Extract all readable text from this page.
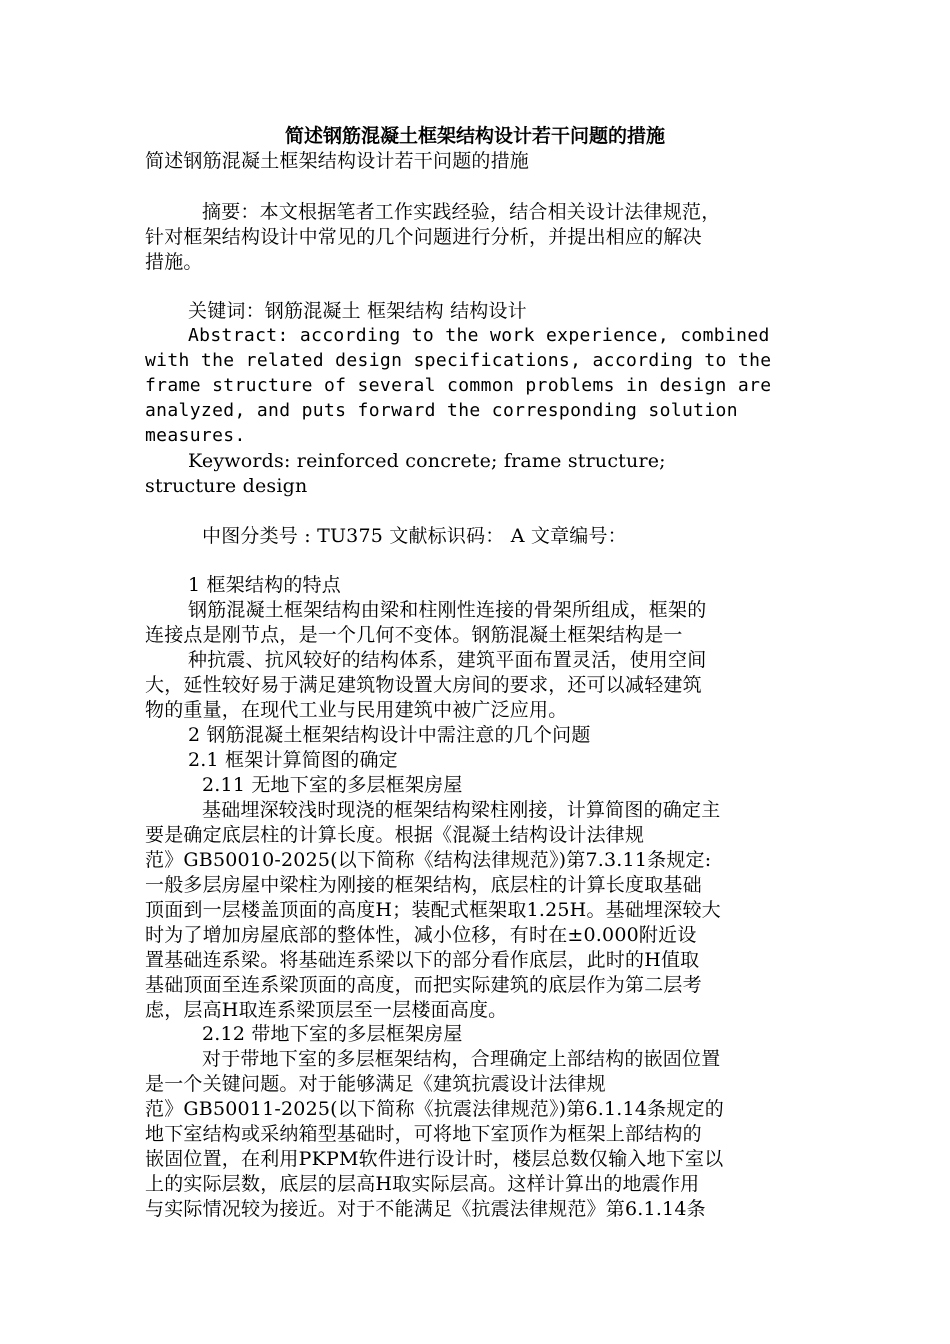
简述钢筋混凝土框架结构设计若干问题的措施
简述钢筋混凝土框架结构设计若干问题的措施
摘要：本文根据笔者工作实践经验，结合相关设计法律规范，
针对框架结构设计中常见的几个问题进行分析，并提出相应的解决
措施。
关键词：钢筋混凝土 框架结构 结构设计
Abstract: according to the work experience, combined
with the related design specifications, according to the
frame structure of several common problems in design are
analyzed, and puts forward the corresponding solution
measures.
Keywords: reinforced concrete; frame structure;
structure design
中图分类号 : TU375 文献标识码： A 文章编号：
1 框架结构的特点
钢筋混凝土框架结构由梁和柱刚性连接的骨架所组成，框架的
连接点是刚节点，是一个几何不变体。钢筋混凝土框架结构是一
种抗震、抗风较好的结构体系，建筑平面布置灵活，使用空间
大，延性较好易于满足建筑物设置大房间的要求，还可以减轻建筑
物的重量，在现代工业与民用建筑中被广泛应用。
2 钢筋混凝土框架结构设计中需注意的几个问题
2.1 框架计算简图的确定
2.11 无地下室的多层框架房屋
基础埋深较浅时现浇的框架结构梁柱刚接，计算简图的确定主
要是确定底层柱的计算长度。根据《混凝土结构设计法律规
范》GB50010-2025(以下简称《结构法律规范》)第7.3.11条规定:
一般多层房屋中梁柱为刚接的框架结构，底层柱的计算长度取基础
顶面到一层楼盖顶面的高度H；装配式框架取1.25H。基础埋深较大
时为了增加房屋底部的整体性，减小位移，有时在±0.000附近设
置基础连系梁。将基础连系梁以下的部分看作底层，此时的H值取
基础顶面至连系梁顶面的高度，而把实际建筑的底层作为第二层考
虑，层高H取连系梁顶层至一层楼面高度。
2.12 带地下室的多层框架房屋
对于带地下室的多层框架结构，合理确定上部结构的嵌固位置
是一个关键问题。对于能够满足《建筑抗震设计法律规
范》GB50011-2025(以下简称《抗震法律规范》)第6.1.14条规定的
地下室结构或采纳箱型基础时，可将地下室顶作为框架上部结构的
嵌固位置，在利用PKPM软件进行设计时，楼层总数仅输入地下室以
上的实际层数，底层的层高H取实际层高。这样计算出的地震作用
与实际情况较为接近。对于不能满足《抗震法律规范》第6.1.14条
